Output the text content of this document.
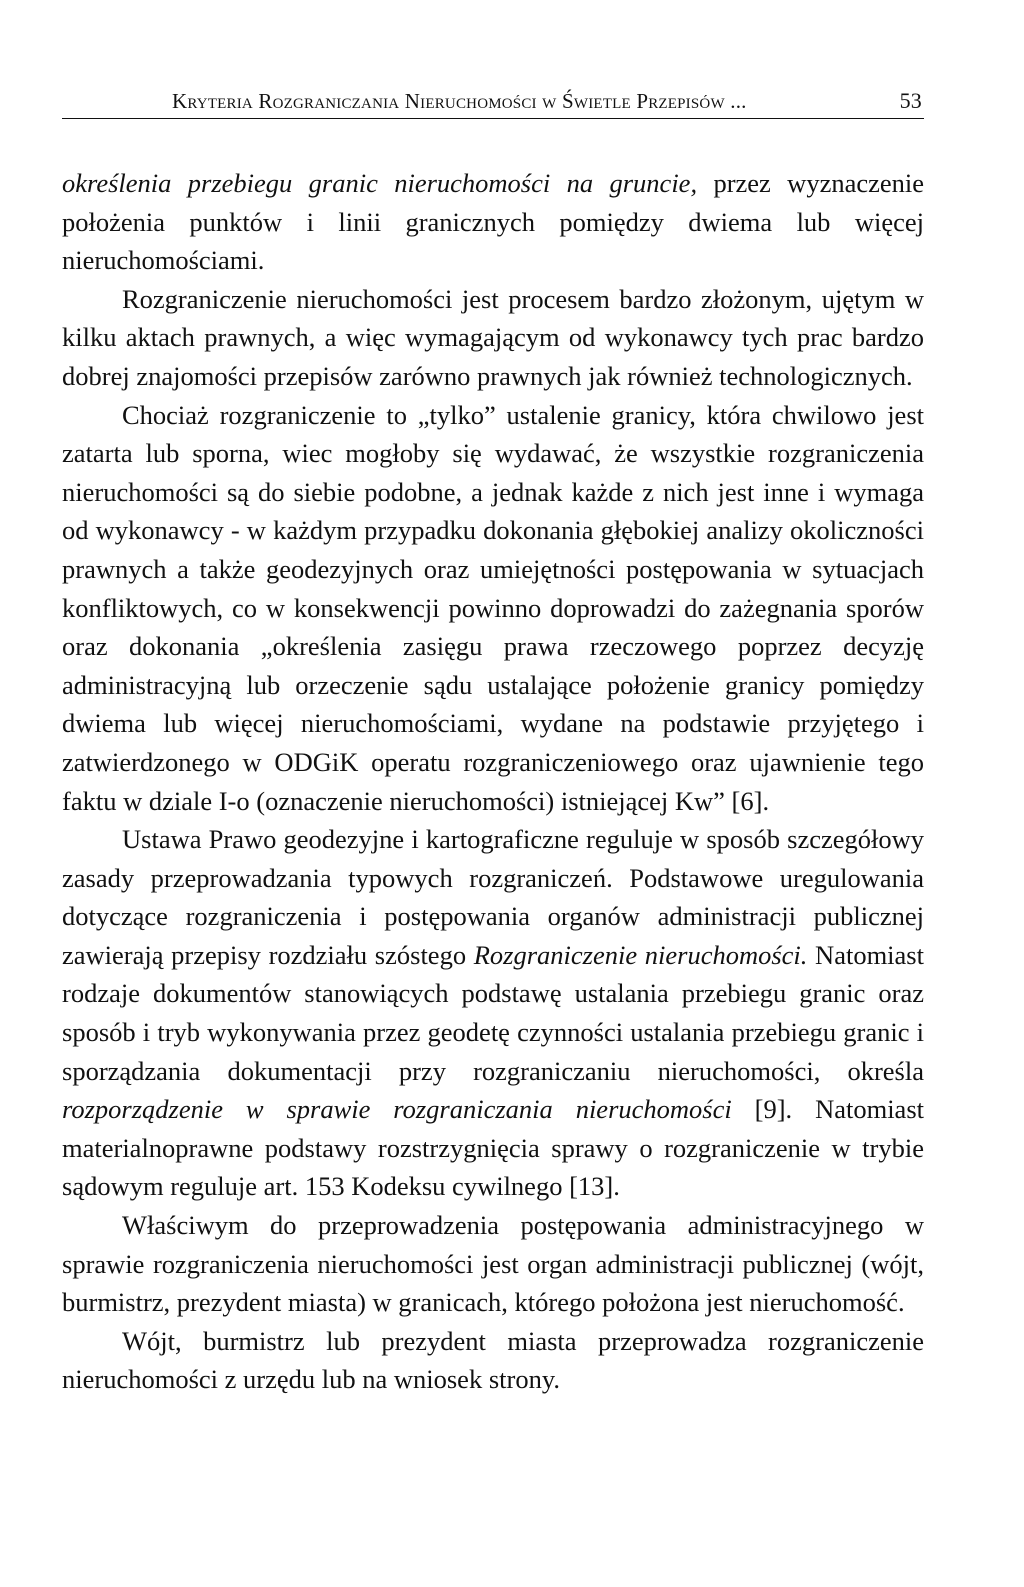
Kryteria Rozgraniczania Nieruchomości w Świetle Przepisów ...	53

określenia przebiegu granic nieruchomości na gruncie, przez wyznaczenie położenia punktów i linii granicznych pomiędzy dwiema lub więcej nieruchomościami.

Rozgraniczenie nieruchomości jest procesem bardzo złożonym, ujętym w kilku aktach prawnych, a więc wymagającym od wykonawcy tych prac bardzo dobrej znajomości przepisów zarówno prawnych jak również technologicznych.

Chociaż rozgraniczenie to „tylko” ustalenie granicy, która chwilowo jest zatarta lub sporna, wiec mogłoby się wydawać, że wszystkie rozgraniczenia nieruchomości są do siebie podobne, a jednak każde z nich jest inne i wymaga od wykonawcy - w każdym przypadku dokonania głębokiej analizy okoliczności prawnych a także geodezyjnych oraz umiejętności postępowania w sytuacjach konfliktowych, co w konsekwencji powinno doprowadzi do zażegnania sporów oraz dokonania „określenia zasięgu prawa rzeczowego poprzez decyzję administracyjną lub orzeczenie sądu ustalające położenie granicy pomiędzy dwiema lub więcej nieruchomościami, wydane na podstawie przyjętego i zatwierdzonego w ODGiK operatu rozgraniczeniowego oraz ujawnienie tego faktu w dziale I-o (oznaczenie nieruchomości) istniejącej Kw” [6].

Ustawa Prawo geodezyjne i kartograficzne reguluje w sposób szczegółowy zasady przeprowadzania typowych rozgraniczeń. Podstawowe uregulowania dotyczące rozgraniczenia i postępowania organów administracji publicznej zawierają przepisy rozdziału szóstego Rozgraniczenie nieruchomości. Natomiast rodzaje dokumentów stanowiących podstawę ustalania przebiegu granic oraz sposób i tryb wykonywania przez geodetę czynności ustalania przebiegu granic i sporządzania dokumentacji przy rozgraniczaniu nieruchomości, określa rozporządzenie w sprawie rozgraniczania nieruchomości [9]. Natomiast materialnoprawne podstawy rozstrzygnięcia sprawy o rozgraniczenie w trybie sądowym reguluje art. 153 Kodeksu cywilnego [13].

Właściwym do przeprowadzenia postępowania administracyjnego w sprawie rozgraniczenia nieruchomości jest organ administracji publicznej (wójt, burmistrz, prezydent miasta) w granicach, którego położona jest nieruchomość.

Wójt, burmistrz lub prezydent miasta przeprowadza rozgraniczenie nieruchomości z urzędu lub na wniosek strony.
